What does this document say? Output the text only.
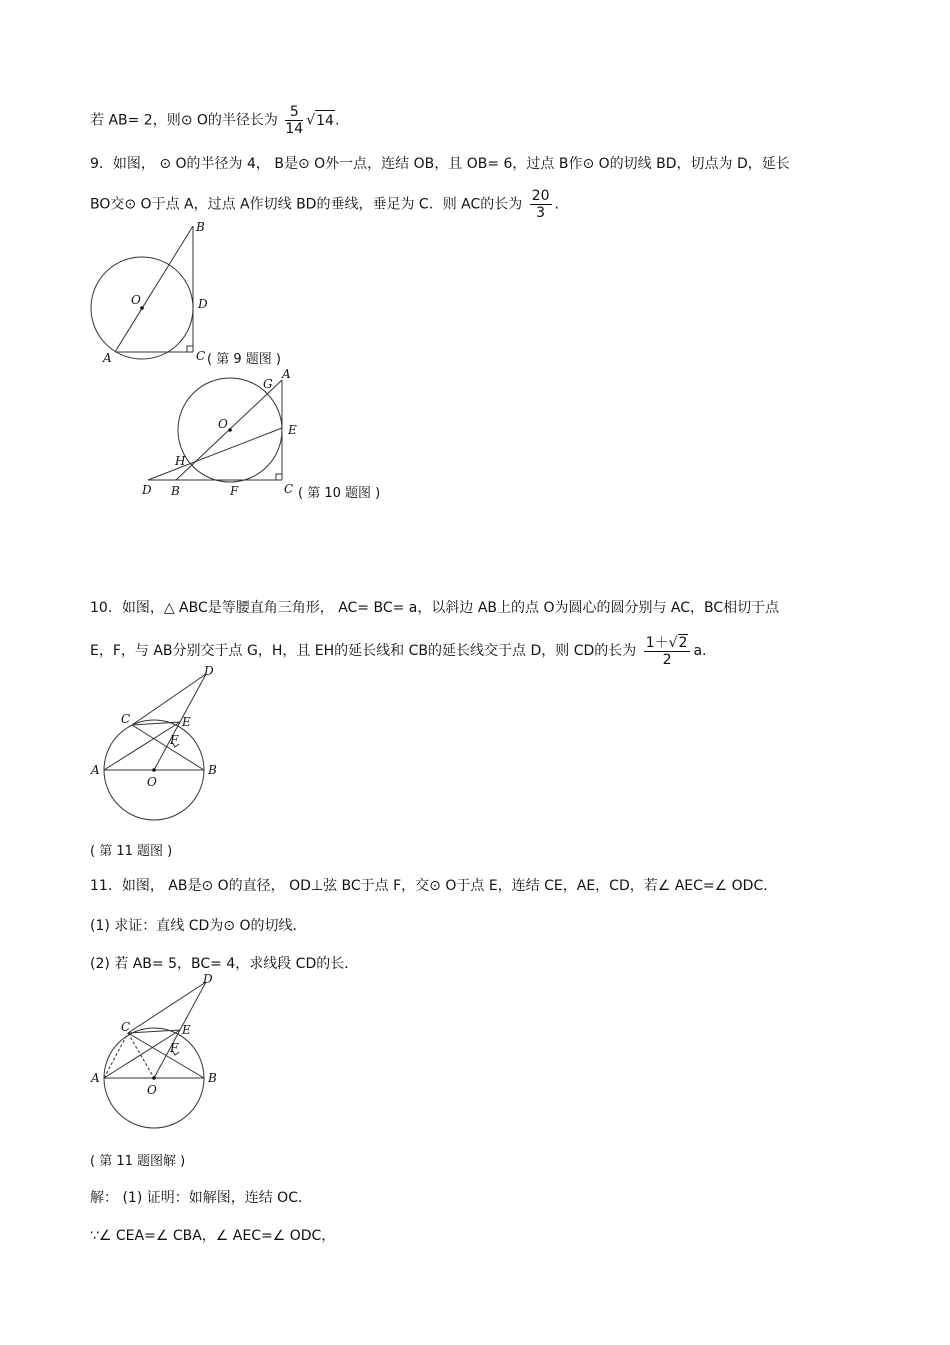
若 AB= 2，则⊙ O的半径长为 $\frac{5}{14} √14$.
9．如图， ⊙ O的半径为 4， B是⊙ O外一点，连结 OB，且 OB= 6，过点 B作⊙ O的切线 BD，切点为 D，延长
BO交⊙ O于点 A，过点 A作切线 BD的垂线，垂足为 C．则 AC的长为 $\frac{20}{3}$ .
B
O	D
A	C ( 第 9 题图 )
G
A
O	E
H
D B	F	C ( 第 10 题图 )
10．如图，△ ABC是等腰直角三角形， AC= BC= a，以斜边 AB上的点 O为圆心的圆分别与 AC，BC相切于点
E，F，与 AB分别交于点 G，H，且 EH的延长线和 CB的延长线交于点 D，则 CD的长为 $\frac{1+√2}{2} a$.
D
C	E
F
A	B
O
( 第 11 题图 )
11．如图， AB是⊙ O的直径， OD⊥弦 BC于点 F，交⊙ O于点 E，连结 CE，AE，CD，若∠ AEC=∠ ODC．
(1) 求证：直线 CD为⊙ O的切线．
(2) 若 AB= 5，BC= 4，求线段 CD的长．
D
C	E
F
A	B
O
( 第 11 题图解 )
解： (1) 证明：如解图，连结 OC．
∵∠ CEA=∠ CBA，∠ AEC=∠ ODC，
